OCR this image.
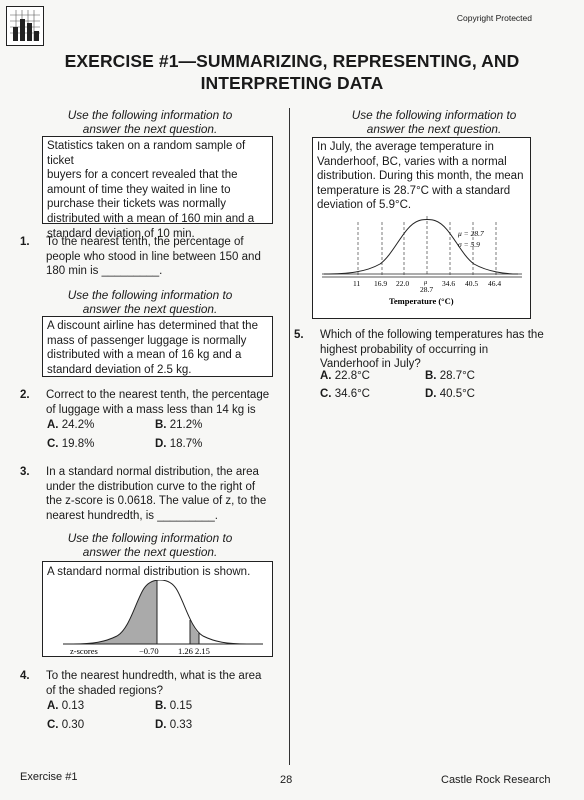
Copyright Protected
EXERCISE #1—SUMMARIZING, REPRESENTING, AND
INTERPRETING DATA
Use the following information to
answer the next question.
Statistics taken on a random sample of ticket
buyers for a concert revealed that the
amount of time they waited in line to
purchase their tickets was normally
distributed with a mean of 160 min and a
standard deviation of 10 min.
1. To the nearest tenth, the percentage of
people who stood in line between 150 and
180 min is _________.
Use the following information to
answer the next question.
A discount airline has determined that the
mass of passenger luggage is normally
distributed with a mean of 16 kg and a
standard deviation of 2.5 kg.
2. Correct to the nearest tenth, the percentage
of luggage with a mass less than 14 kg is
A. 24.2%	B. 21.2%
C. 19.8%	D. 18.7%
3. In a standard normal distribution, the area
under the distribution curve to the right of
the z-score is 0.0618. The value of z, to the
nearest hundredth, is _________.
Use the following information to
answer the next question.
A standard normal distribution is shown.
z-scores	−0.70 1.26 2.15
4. To the nearest hundredth, what is the area
of the shaded regions?
A. 0.13	B. 0.15
C. 0.30	D. 0.33
Use the following information to
answer the next question.
In July, the average temperature in
Vanderhoof, BC, varies with a normal
distribution. During this month, the mean
temperature is 28.7°C with a standard
deviation of 5.9°C.
μ = 28.7
σ = 5.9
11 16.9 22.0 μ
28.7
34.6 40.5 46.4
Temperature (°C)
5. Which of the following temperatures has the
highest probability of occurring in
Vanderhoof in July?
A. 22.8°C	B. 28.7°C
C. 34.6°C	D. 40.5°C
Exercise #1	28	Castle Rock Research
